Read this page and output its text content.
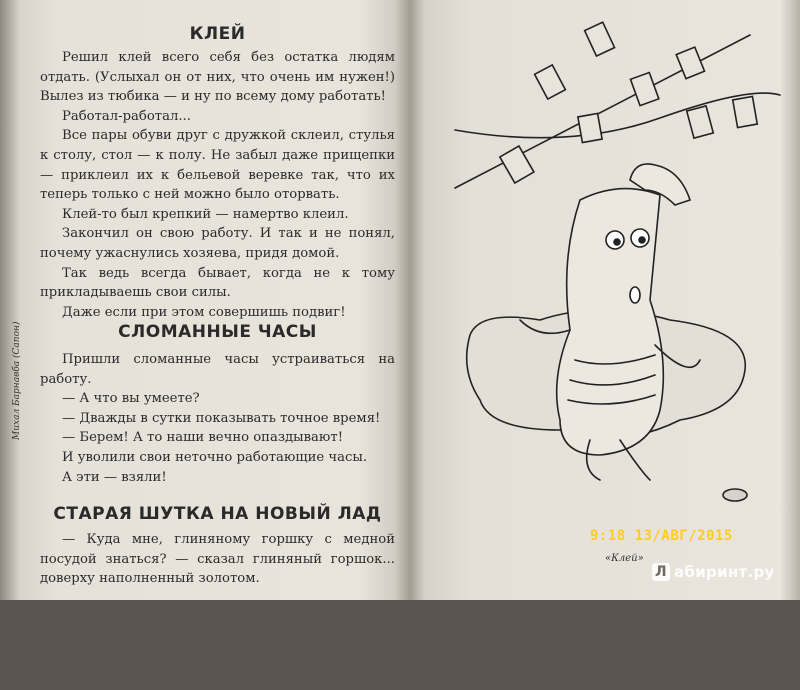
КЛЕЙ

Решил клей всего себя без остатка людям отдать. (Услыхал он от них, что очень им нужен!) Вылез из тюбика — и ну по всему дому работать!

Работал-работал...

Все пары обуви друг с дружкой склеил, стулья к столу, стол — к полу. Не забыл даже прищепки — приклеил их к бельевой веревке так, что их теперь только с ней можно было оторвать.

Клей-то был крепкий — намертво клеил.

Закончил он свою работу. И так и не понял, почему ужаснулись хозяева, придя домой.

Так ведь всегда бывает, когда не к тому прикладываешь свои силы.

Даже если при этом совершишь подвиг!

СЛОМАННЫЕ ЧАСЫ

Пришли сломанные часы устраиваться на работу.

— А что вы умеете?

— Дважды в сутки показывать точное время!

— Берем! А то наши вечно опаздывают!

И уволили свои неточно работающие часы.

А эти — взяли!

СТАРАЯ ШУТКА НА НОВЫЙ ЛАД

— Куда мне, глиняному горшку с медной посудой знаться? — сказал глиняный горшок... доверху наполненный золотом.

Михал Барнавба (Сапон)
«Клей»
9:18 13/АВГ/2015
Л абиринт.ру
